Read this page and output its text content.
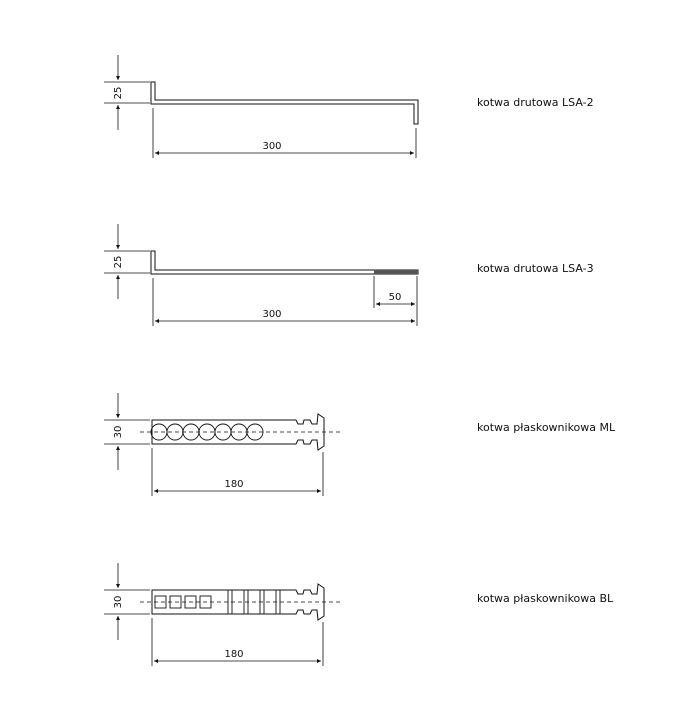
25
300
25
50
300
30
180
30
180
kotwa drutowa LSA-2
kotwa drutowa LSA-3
kotwa płaskownikowa ML
kotwa płaskownikowa BL
